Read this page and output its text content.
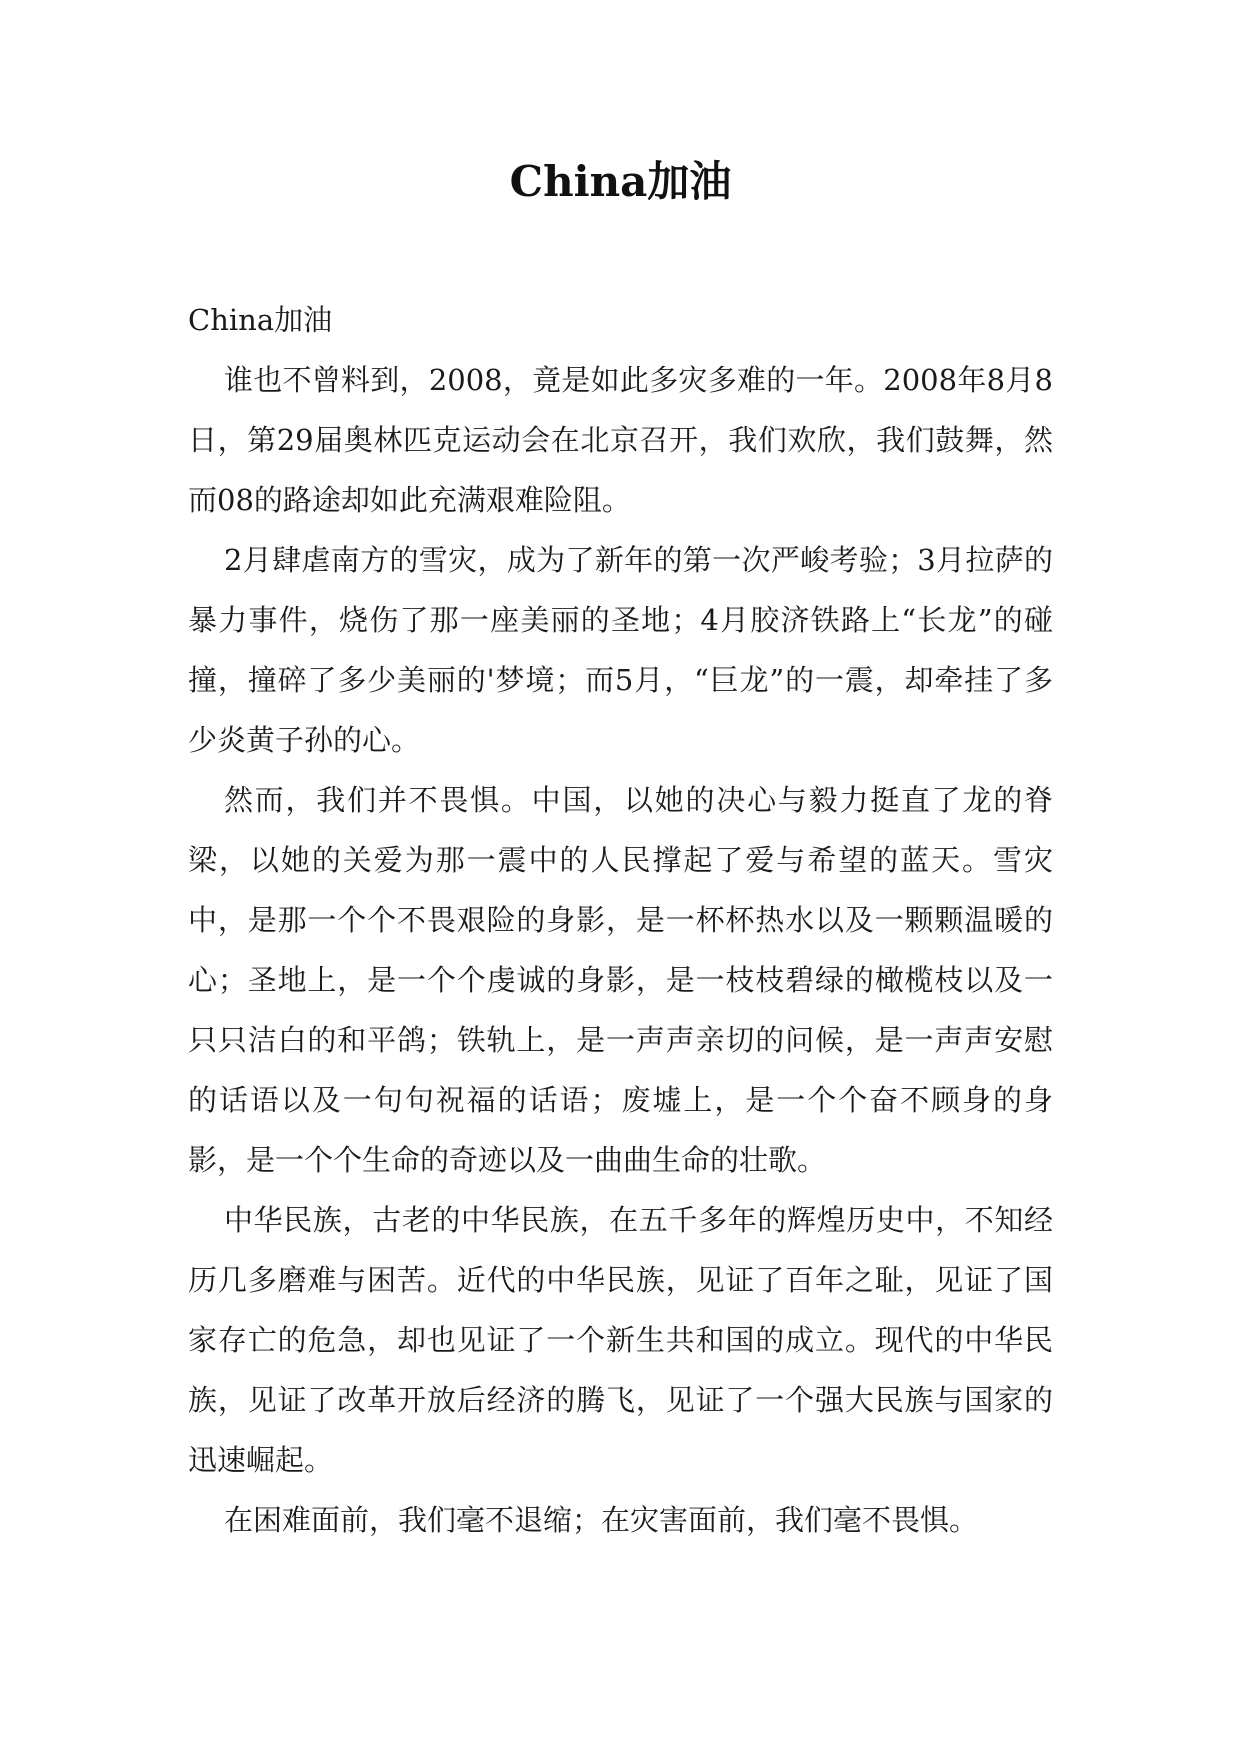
China加油

China加油

谁也不曾料到，2008，竟是如此多灾多难的一年。2008年8月8日，第29届奥林匹克运动会在北京召开，我们欢欣，我们鼓舞，然而08的路途却如此充满艰难险阻。

2月肆虐南方的雪灾，成为了新年的第一次严峻考验；3月拉萨的暴力事件，烧伤了那一座美丽的圣地；4月胶济铁路上“长龙”的碰撞，撞碎了多少美丽的'梦境；而5月，“巨龙”的一震，却牵挂了多少炎黄子孙的心。

然而，我们并不畏惧。中国，以她的决心与毅力挺直了龙的脊梁，以她的关爱为那一震中的人民撑起了爱与希望的蓝天。雪灾中，是那一个个不畏艰险的身影，是一杯杯热水以及一颗颗温暖的心；圣地上，是一个个虔诚的身影，是一枝枝碧绿的橄榄枝以及一只只洁白的和平鸽；铁轨上，是一声声亲切的问候，是一声声安慰的话语以及一句句祝福的话语；废墟上，是一个个奋不顾身的身影，是一个个生命的奇迹以及一曲曲生命的壮歌。

中华民族，古老的中华民族，在五千多年的辉煌历史中，不知经历几多磨难与困苦。近代的中华民族，见证了百年之耻，见证了国家存亡的危急，却也见证了一个新生共和国的成立。现代的中华民族，见证了改革开放后经济的腾飞，见证了一个强大民族与国家的迅速崛起。

在困难面前，我们毫不退缩；在灾害面前，我们毫不畏惧。
